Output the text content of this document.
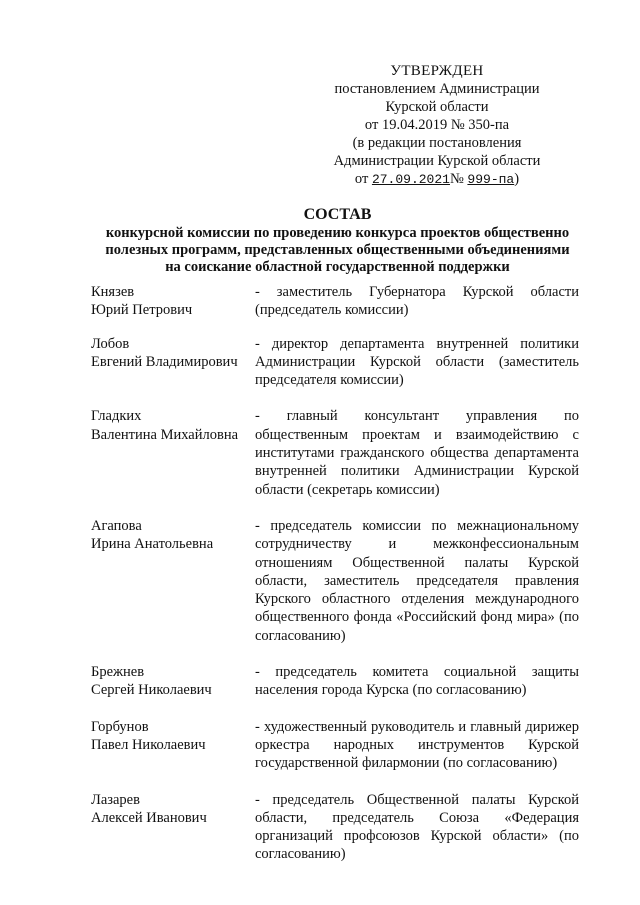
УТВЕРЖДЕН
постановлением Администрации
Курской области
от 19.04.2019 № 350-па
(в редакции постановления
Администрации Курской области
от 27.09.2021№ 999-па)
СОСТАВ
конкурсной комиссии по проведению конкурса проектов общественно
полезных программ, представленных общественными объединениями
на соискание областной государственной поддержки
Князев
Юрий Петрович
- заместитель Губернатора Курской области (председатель комиссии)
Лобов
Евгений Владимирович
- директор департамента внутренней политики Администрации Курской области (заместитель председателя комиссии)
Гладких
Валентина Михайловна
- главный консультант управления по общественным проектам и взаимодействию с институтами гражданского общества департамента внутренней политики Администрации Курской области (секретарь комиссии)
Агапова
Ирина Анатольевна
- председатель комиссии по межнациональному сотрудничеству и межконфессиональным отношениям Общественной палаты Курской области, заместитель председателя правления Курского областного отделения международного общественного фонда «Российский фонд мира» (по согласованию)
Брежнев
Сергей Николаевич
- председатель комитета социальной защиты населения города Курска (по согласованию)
Горбунов
Павел Николаевич
- художественный руководитель и главный дирижер оркестра народных инструментов Курской государственной филармонии (по согласованию)
Лазарев
Алексей Иванович
- председатель Общественной палаты Курской области, председатель Союза «Федерация организаций профсоюзов Курской области» (по согласованию)
